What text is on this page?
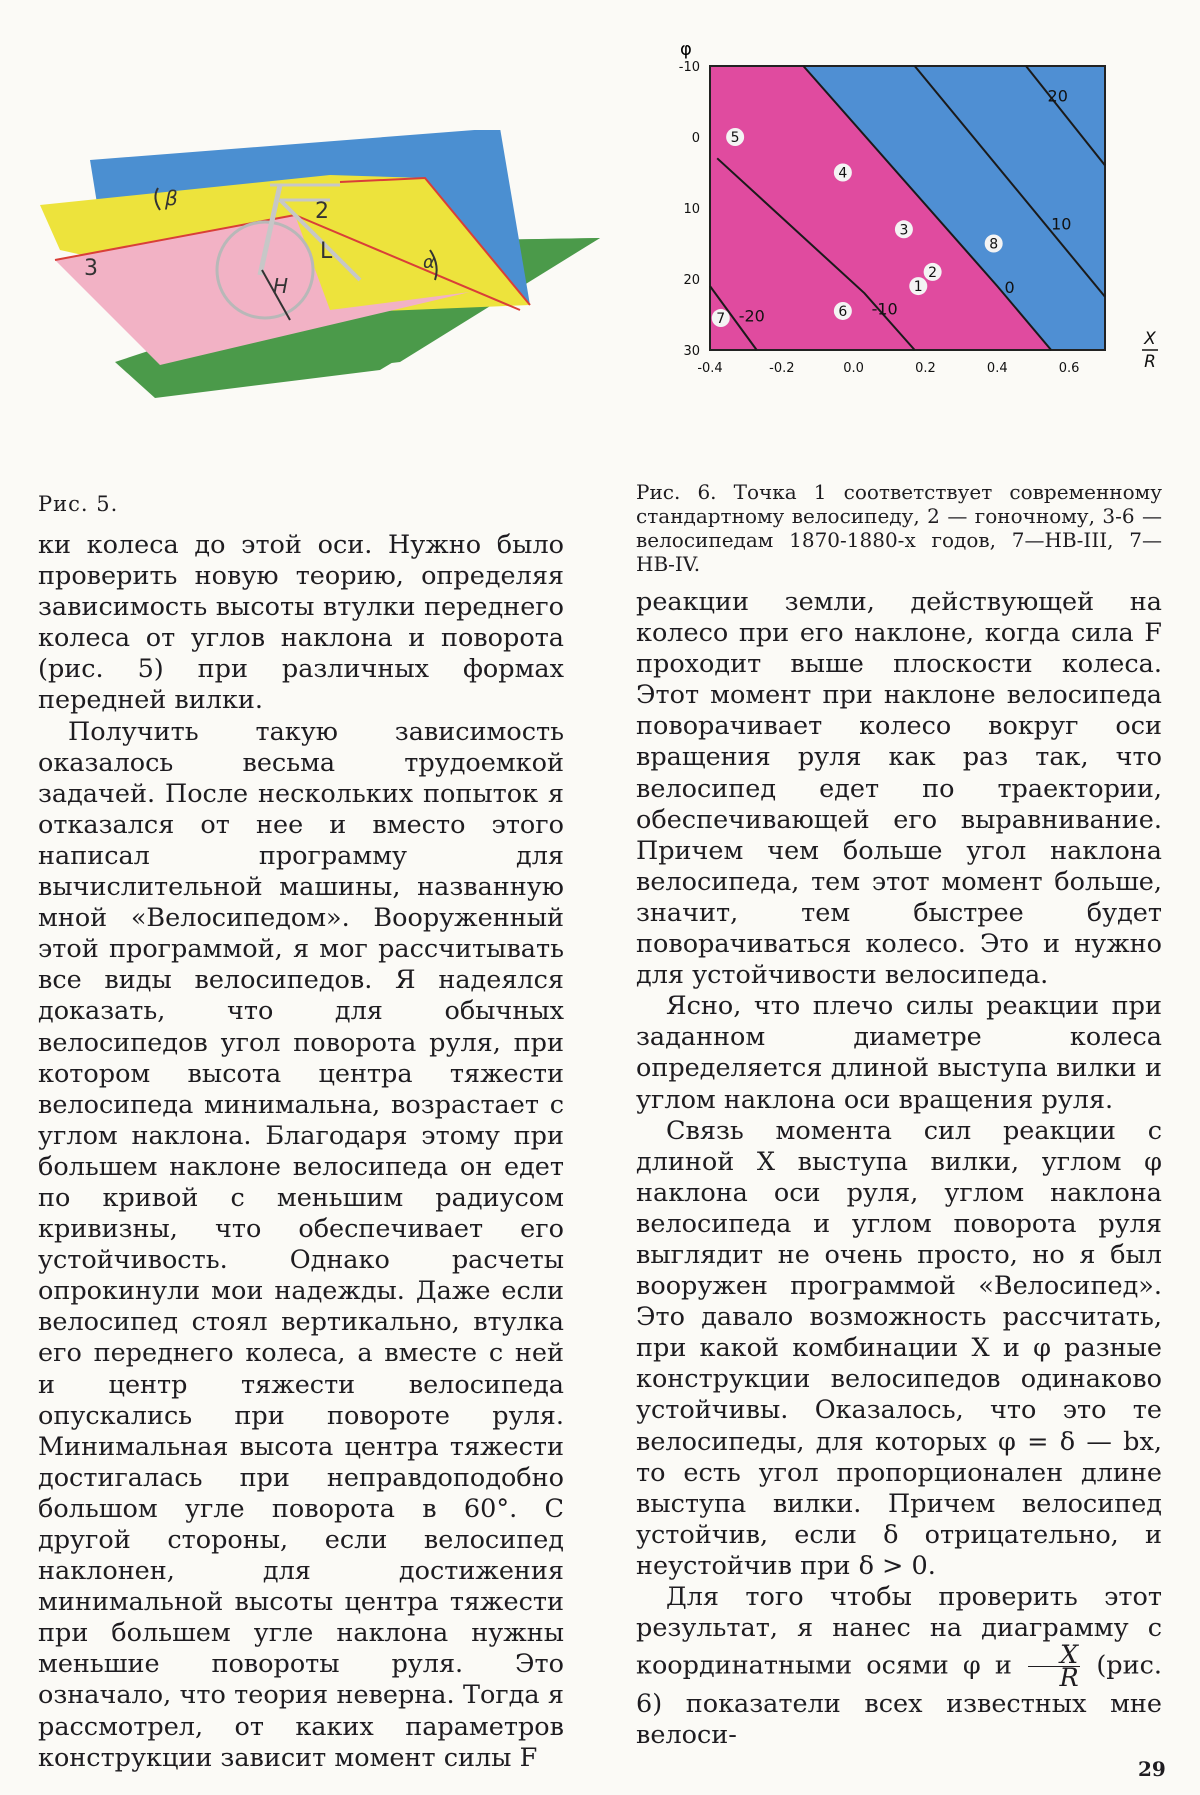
β
2
3
L
H
α
Рис. 5.
φ
-20	-10
0
10
20
1
2
3
4
5
6
7
8
-0.4	-0.2	0.0	0.2	0.4	0.6
-10
0
10
20
30
X
R
Рис. 6. Точка 1 соответствует современному стандартному велосипеду, 2 — гоночному, 3-6 — велосипедам 1870-1880-х годов, 7—НВ-III, 7—НВ-IV.

ки колеса до этой оси. Нужно было проверить новую теорию, определяя зависимость высоты втулки переднего колеса от углов наклона и поворота (рис. 5) при различных формах передней вилки.

Получить такую зависимость оказалось весьма трудоемкой задачей. После нескольких попыток я отказался от нее и вместо этого написал программу для вычислительной машины, названную мной «Велосипедом». Вооруженный этой программой, я мог рассчитывать все виды велосипедов. Я надеялся доказать, что для обычных велосипедов угол поворота руля, при котором высота центра тяжести велосипеда минимальна, возрастает с углом наклона. Благодаря этому при большем наклоне велосипеда он едет по кривой с меньшим радиусом кривизны, что обеспечивает его устойчивость. Однако расчеты опрокинули мои надежды. Даже если велосипед стоял вертикально, втулка его переднего колеса, а вместе с ней и центр тяжести велосипеда опускались при повороте руля. Минимальная высота центра тяжести достигалась при неправдоподобно большом угле поворота в 60°. С другой стороны, если велосипед наклонен, для достижения минимальной высоты центра тяжести при большем угле наклона нужны меньшие повороты руля. Это означало, что теория неверна. Тогда я рассмотрел, от каких параметров конструкции зависит момент силы F

реакции земли, действующей на колесо при его наклоне, когда сила F проходит выше плоскости колеса. Этот момент при наклоне велосипеда поворачивает колесо вокруг оси вращения руля как раз так, что велосипед едет по траектории, обеспечивающей его выравнивание. Причем чем больше угол наклона велосипеда, тем этот момент больше, значит, тем быстрее будет поворачиваться колесо. Это и нужно для устойчивости велосипеда.

Ясно, что плечо силы реакции при заданном диаметре колеса определяется длиной выступа вилки и углом наклона оси вращения руля.

Связь момента сил реакции с длиной X выступа вилки, углом φ наклона оси руля, углом наклона велосипеда и углом поворота руля выглядит не очень просто, но я был вооружен программой «Велосипед». Это давало возможность рассчитать, при какой комбинации X и φ разные конструкции велосипедов одинаково устойчивы. Оказалось, что это те велосипеды, для которых φ = δ — bx, то есть угол пропорционален длине выступа вилки. Причем велосипед устойчив, если δ отрицательно, и неустойчив при δ > 0.

Для того чтобы проверить этот результат, я нанес на диаграмму с координатными осями φ и $\frac{X}{R} (рис$. 6) показатели всех известных мне велоси-

29
